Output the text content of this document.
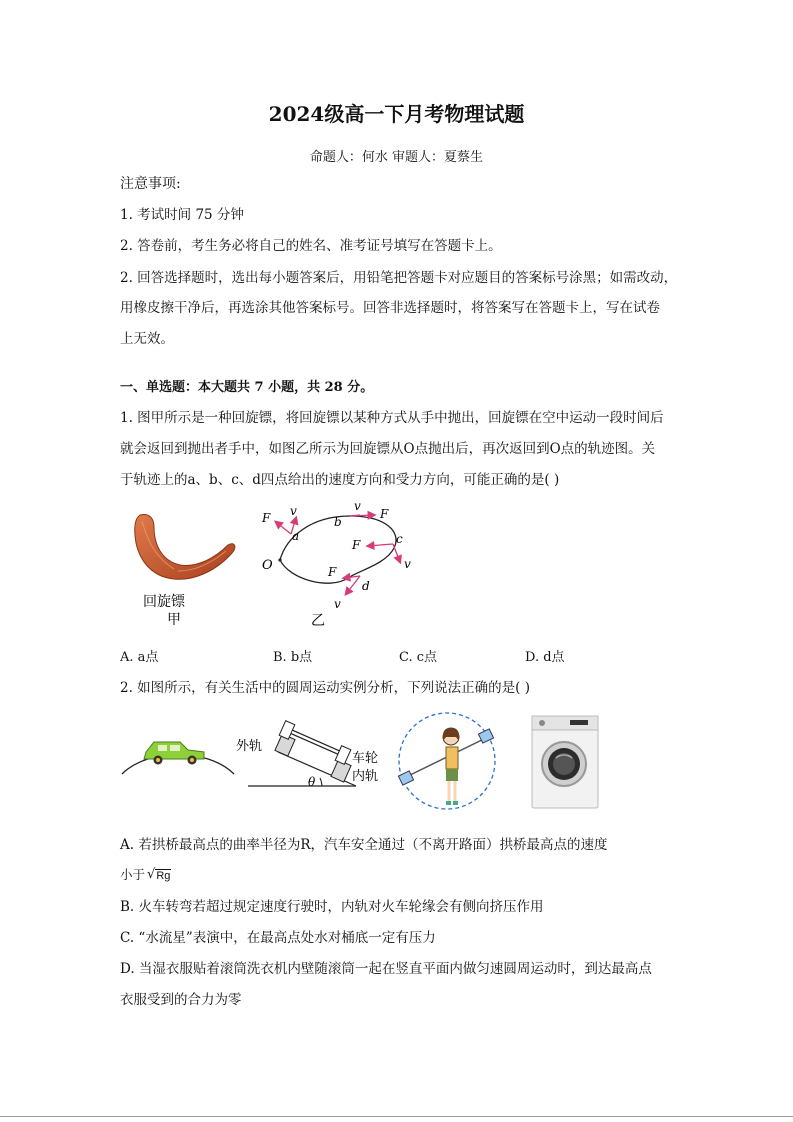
2024级高一下月考物理试题
命题人：何水 审题人：夏蔡生
注意事项:
1. 考试时间 75 分钟
2. 答卷前，考生务必将自己的姓名、准考证号填写在答题卡上。
2. 回答选择题时，选出每小题答案后，用铅笔把答题卡对应题目的答案标号涂黑；如需改动，
用橡皮擦干净后，再选涂其他答案标号。回答非选择题时，将答案写在答题卡上，写在试卷
上无效。
一、单选题：本大题共 7 小题，共 28 分。
1. 图甲所示是一种回旋镖，将回旋镖以某种方式从手中抛出，回旋镖在空中运动一段时间后
就会返回到抛出者手中，如图乙所示为回旋镖从O点抛出后，再次返回到O点的轨迹图。关
于轨迹上的a、b、c、d四点给出的速度方向和受力方向，可能正确的是( )
回旋镖
甲
O
F v
a
v
F
b
F	c
v
F
d
v
乙
A. a点	B. b点	C. c点	D. d点
2. 如图所示，有关生活中的圆周运动实例分析，下列说法正确的是( )
θ
外轨
车轮
内轨
A. 若拱桥最高点的曲率半径为R，汽车安全通过（不离开路面）拱桥最高点的速度
小于 √Rg
B. 火车转弯若超过规定速度行驶时，内轨对火车轮缘会有侧向挤压作用
C. “水流星”表演中，在最高点处水对桶底一定有压力
D. 当湿衣服贴着滚筒洗衣机内壁随滚筒一起在竖直平面内做匀速圆周运动时，到达最高点
衣服受到的合力为零
